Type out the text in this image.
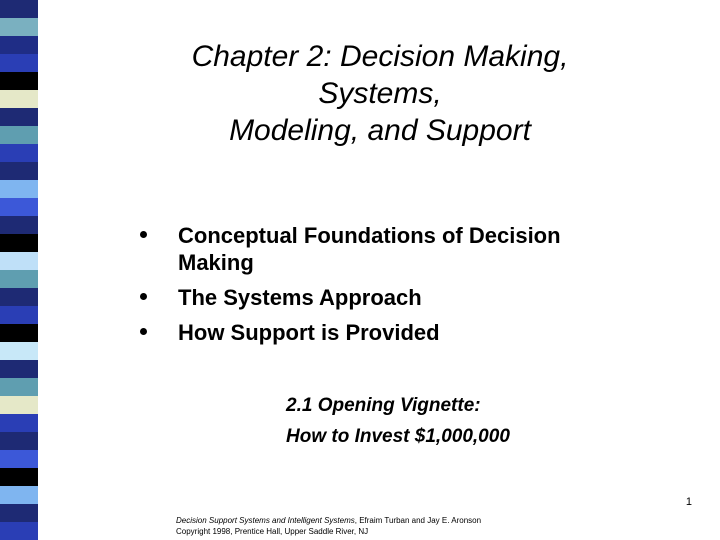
Chapter 2: Decision Making,
Systems,
Modeling, and Support
Conceptual Foundations of Decision Making
The Systems Approach
How Support is Provided
2.1 Opening Vignette:
How to Invest $1,000,000
1
Decision Support Systems and Intelligent Systems, Efraim Turban and Jay E. Aronson
Copyright 1998, Prentice Hall, Upper Saddle River, NJ
